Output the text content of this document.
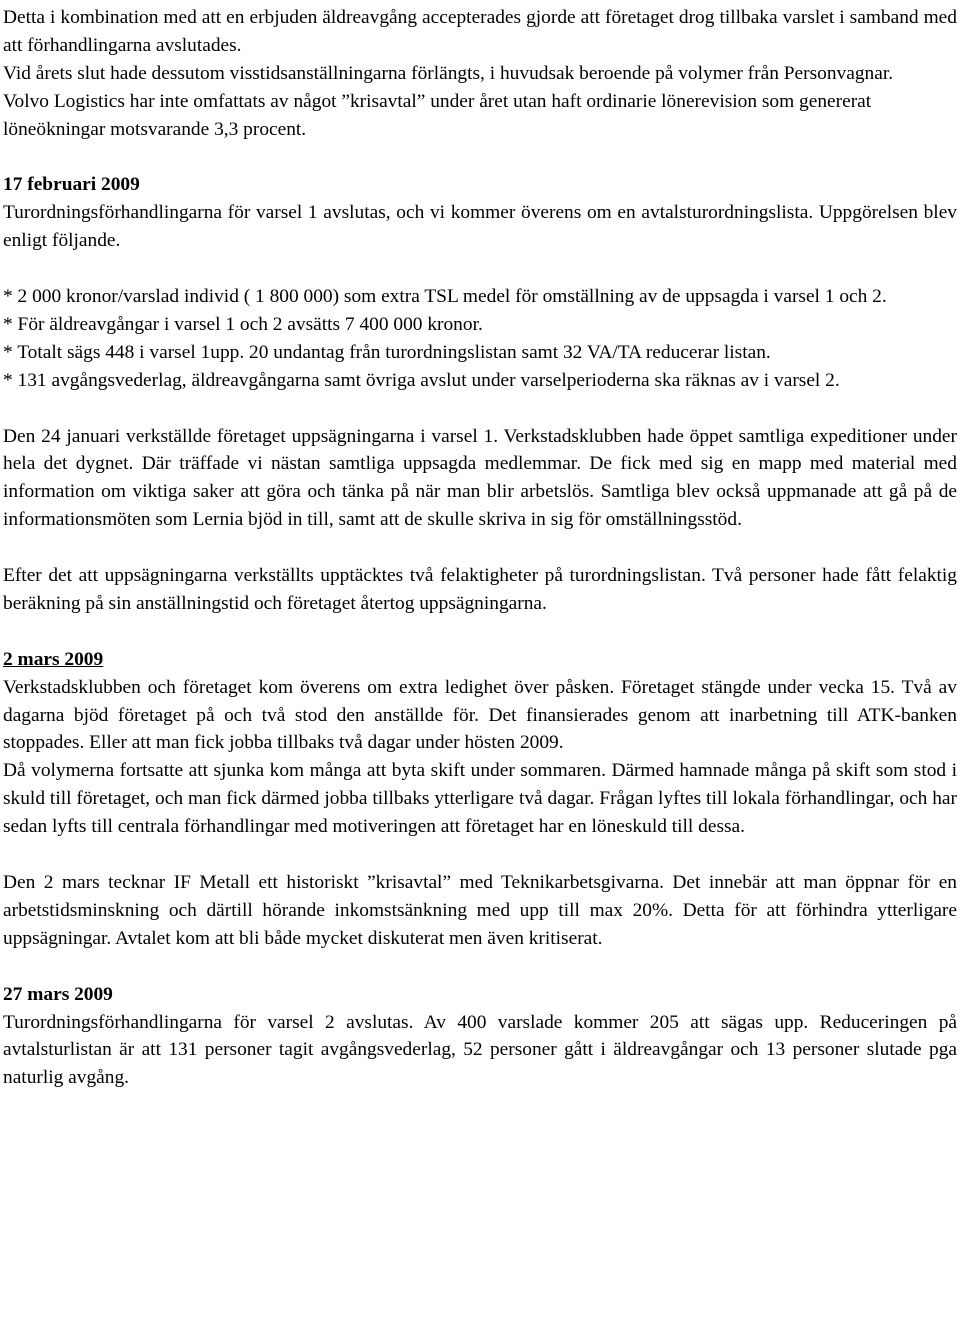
Detta i kombination med att en erbjuden äldreavgång accepterades gjorde att företaget drog tillbaka varslet i samband med att förhandlingarna avslutades.

Vid årets slut hade dessutom visstidsanställningarna förlängts, i huvudsak beroende på volymer från Personvagnar.

Volvo Logistics har inte omfattats av något ”krisavtal” under året utan haft ordinarie lönerevision som genererat löneökningar motsvarande 3,3 procent.

17 februari 2009

Turordningsförhandlingarna för varsel 1 avslutas, och vi kommer överens om en avtalsturordningslista. Uppgörelsen blev enligt följande.

* 2 000 kronor/varslad individ ( 1 800 000) som extra TSL medel för omställning av de uppsagda i varsel 1 och 2.

* För äldreavgångar i varsel 1 och 2 avsätts 7 400 000 kronor.

* Totalt sägs 448 i varsel 1upp. 20 undantag från turordningslistan samt 32 VA/TA reducerar listan.

* 131 avgångsvederlag, äldreavgångarna samt övriga avslut under varselperioderna ska räknas av i varsel 2.

Den 24 januari verkställde företaget uppsägningarna i varsel 1. Verkstadsklubben hade öppet samtliga expeditioner under hela det dygnet. Där träffade vi nästan samtliga uppsagda medlemmar. De fick med sig en mapp med material med information om viktiga saker att göra och tänka på när man blir arbetslös. Samtliga blev också uppmanade att gå på de informationsmöten som Lernia bjöd in till, samt att de skulle skriva in sig för omställningsstöd.

Efter det att uppsägningarna verkställts upptäcktes två felaktigheter på turordningslistan. Två personer hade fått felaktig beräkning på sin anställningstid och företaget återtog uppsägningarna.

2 mars 2009

Verkstadsklubben och företaget kom överens om extra ledighet över påsken. Företaget stängde under vecka 15. Två av dagarna bjöd företaget på och två stod den anställde för. Det finansierades genom att inarbetning till ATK-banken stoppades. Eller att man fick jobba tillbaks två dagar under hösten 2009.

Då volymerna fortsatte att sjunka kom många att byta skift under sommaren. Därmed hamnade många på skift som stod i skuld till företaget, och man fick därmed jobba tillbaks ytterligare två dagar. Frågan lyftes till lokala förhandlingar, och har sedan lyfts till centrala förhandlingar med motiveringen att företaget har en löneskuld till dessa.

Den 2 mars tecknar IF Metall ett historiskt ”krisavtal” med Teknikarbetsgivarna. Det innebär att man öppnar för en arbetstidsminskning och därtill hörande inkomstsänkning med upp till max 20%. Detta för att förhindra ytterligare uppsägningar. Avtalet kom att bli både mycket diskuterat men även kritiserat.

27 mars 2009

Turordningsförhandlingarna för varsel 2 avslutas. Av 400 varslade kommer 205 att sägas upp. Reduceringen på avtalsturlistan är att 131 personer tagit avgångsvederlag, 52 personer gått i äldreavgångar och 13 personer slutade pga naturlig avgång.
